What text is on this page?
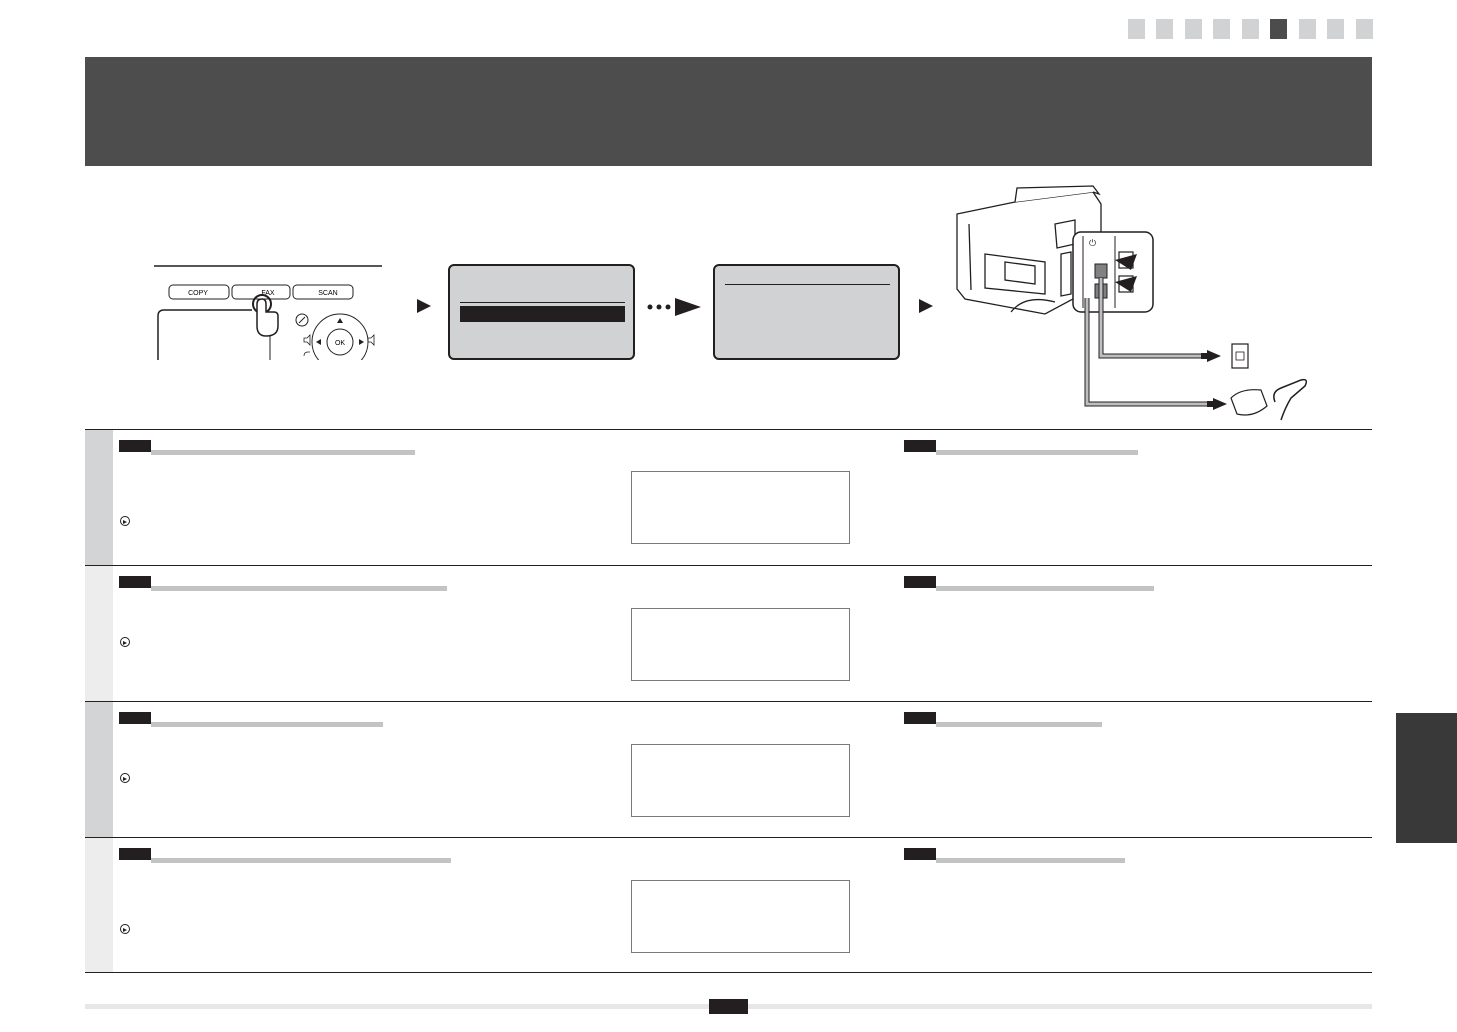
COPY	FAX	SCAN
OK
⏻
